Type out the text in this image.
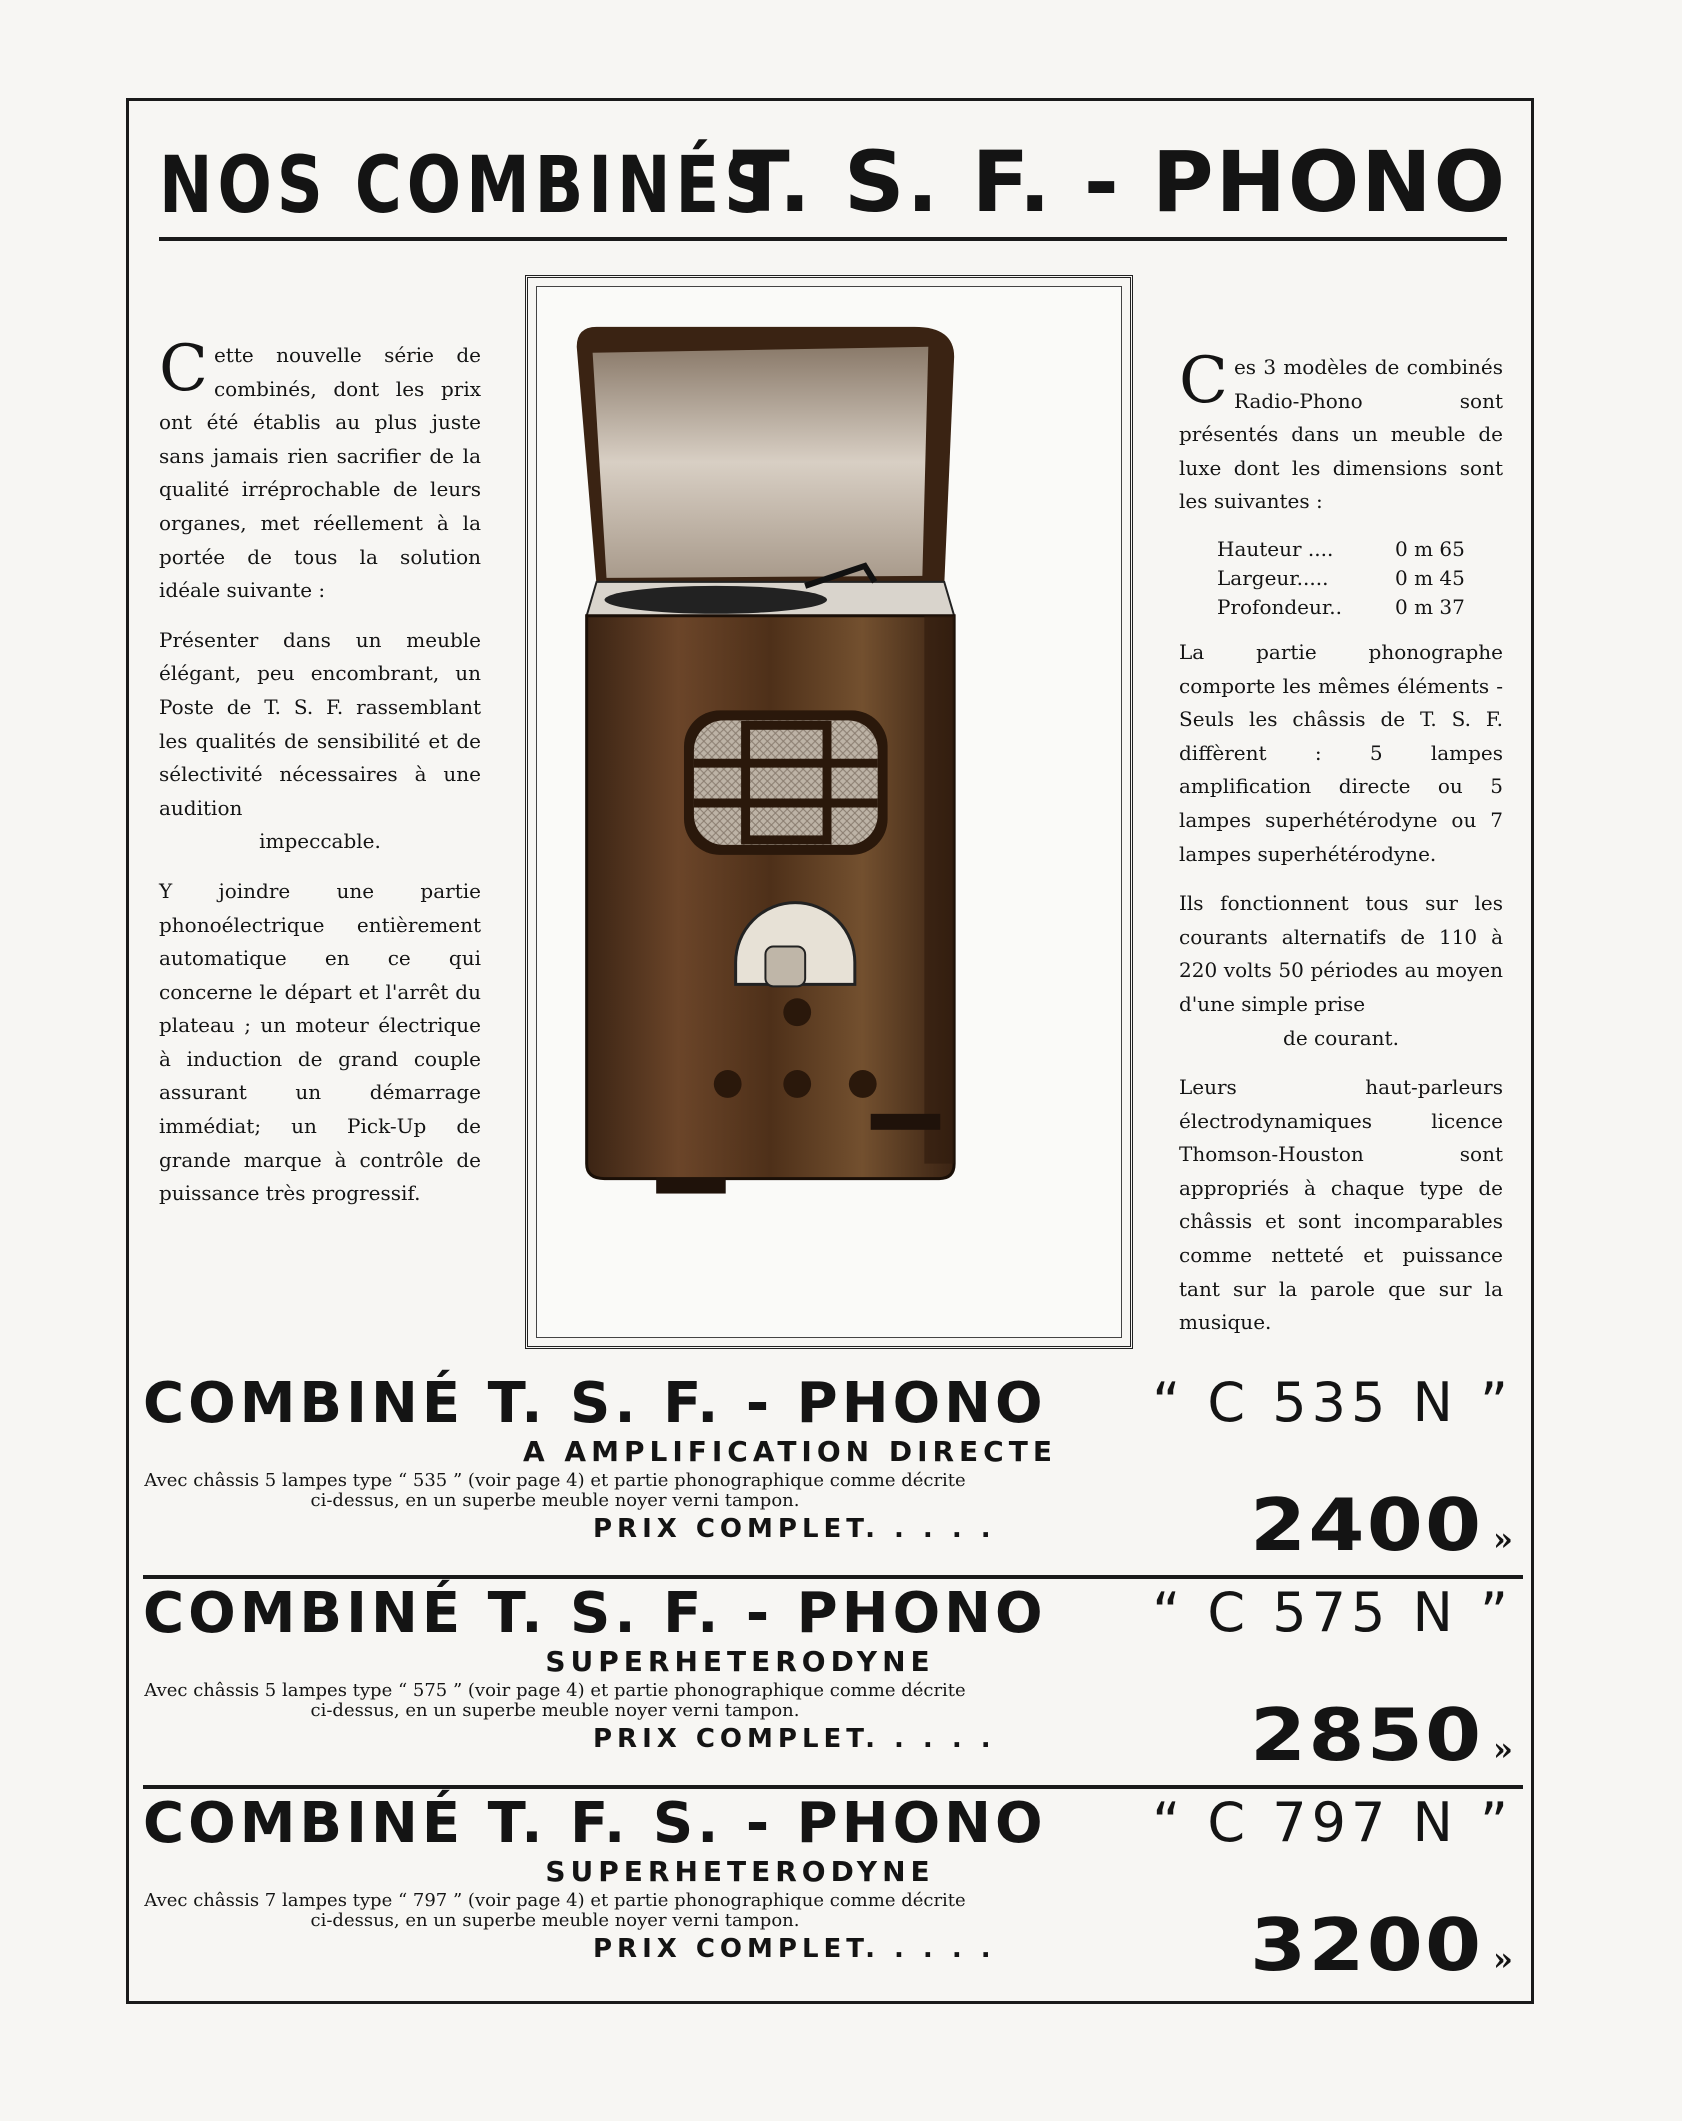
NOS COMBINÉS
T. S. F. - PHONO

C ette nouvelle série de combinés, dont les prix ont été établis au plus juste sans jamais rien sacrifier de la qualité irréprochable de leurs organes, met réellement à la portée de tous la solution idéale suivante :

Présenter dans un meuble élégant, peu encombrant, un Poste de T. S. F. rassemblant les qualités de sensibilité et de sélectivité nécessaires à une audition

impeccable.

Y joindre une partie phonoélectrique entièrement automatique en ce qui concerne le départ et l'arrêt du plateau ; un moteur électrique à induction de grand couple assurant un démarrage immédiat; un Pick-Up de grande marque à contrôle de puissance très progressif.

C es 3 modèles de combinés Radio-Phono sont présentés dans un meuble de luxe dont les dimensions sont les suivantes :

Hauteur ....	0 m 65
Largeur.....	0 m 45
Profondeur..	0 m 37

La partie phonographe comporte les mêmes éléments - Seuls les châssis de T. S. F. diffèrent : 5 lampes amplification directe ou 5 lampes superhétérodyne ou 7 lampes superhétérodyne.

Ils fonctionnent tous sur les courants alternatifs de 110 à 220 volts 50 périodes au moyen d'une simple prise
de courant.

Leurs haut-parleurs électrodynamiques licence Thomson-Houston sont appropriés à chaque type de châssis et sont incomparables comme netteté et puissance tant sur la parole que sur la musique.

COMBINÉ T. S. F. - PHONO “ C 535 N ”
A AMPLIFICATION DIRECTE
Avec châssis 5 lampes type “ 535 ” (voir page 4) et partie phonographique comme décrite ci-dessus, en un superbe meuble noyer verni tampon.
PRIX COMPLET. . . . .	2400 »
COMBINÉ T. S. F. - PHONO “ C 575 N ”
SUPERHETERODYNE
Avec châssis 5 lampes type “ 575 ” (voir page 4) et partie phonographique comme décrite ci-dessus, en un superbe meuble noyer verni tampon.
PRIX COMPLET. . . . .	2850 »
COMBINÉ T. F. S. - PHONO “ C 797 N ”
SUPERHETERODYNE
Avec châssis 7 lampes type “ 797 ” (voir page 4) et partie phonographique comme décrite ci-dessus, en un superbe meuble noyer verni tampon.
PRIX COMPLET. . . . .	3200 »
